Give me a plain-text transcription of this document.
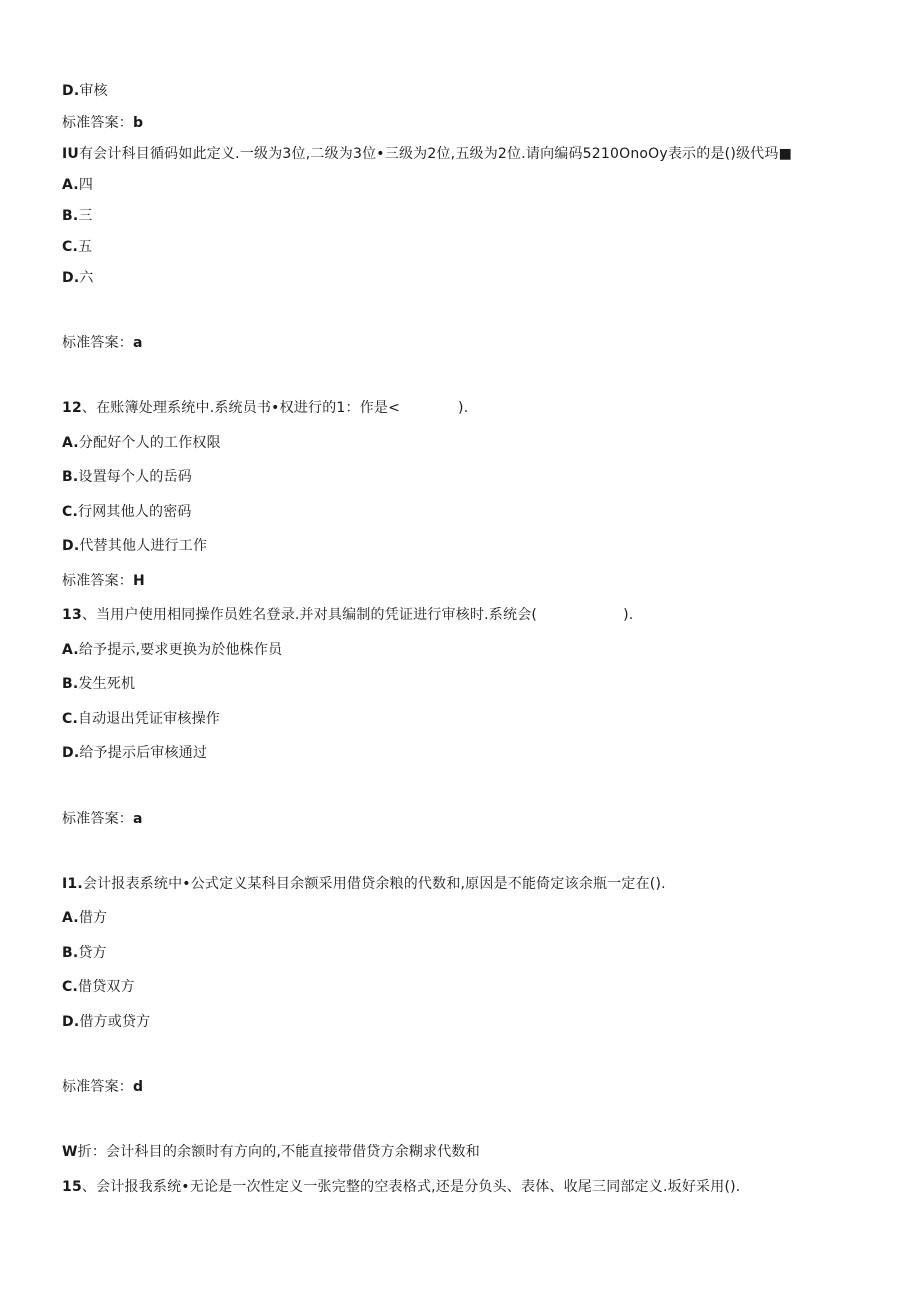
D.审核
标准答案：b
IU有会计科目循码如此定义.一级为3位,二级为3位•三级为2位,五级为2位.请向编码5210OnoOy表示的是()级代玛■
A.四
B.三
C.五
D.六
标准答案：a
12、在账簿处理系统中.系统员书•权进行的1：作是<	).
A.分配好个人的工作权限
B.设置每个人的岳码
C.行网其他人的密码
D.代替其他人进行工作
标准答案：H
13、当用户使用相同操作员姓名登录.并对具编制的凭证进行审核时.系统会(	).
A.给予提示,要求更换为於他株作员
B.发生死机
C.自动退出凭证审核操作
D.给予提示后审核通过
标准答案：a
I1.会计报表系统中•公式定义某科目余额采用借贷余粮的代数和,原因是不能倚定该余瓶一定在().
A.借方
B.贷方
C.借贷双方
D.借方或贷方
标准答案：d
W折：会计科目的余额时有方向的,不能直接带借贷方余糊求代数和
15、会计报我系统•无论是一次性定义一张完整的空表格式,还是分负头、表体、收尾三同部定义.坂好采用().
